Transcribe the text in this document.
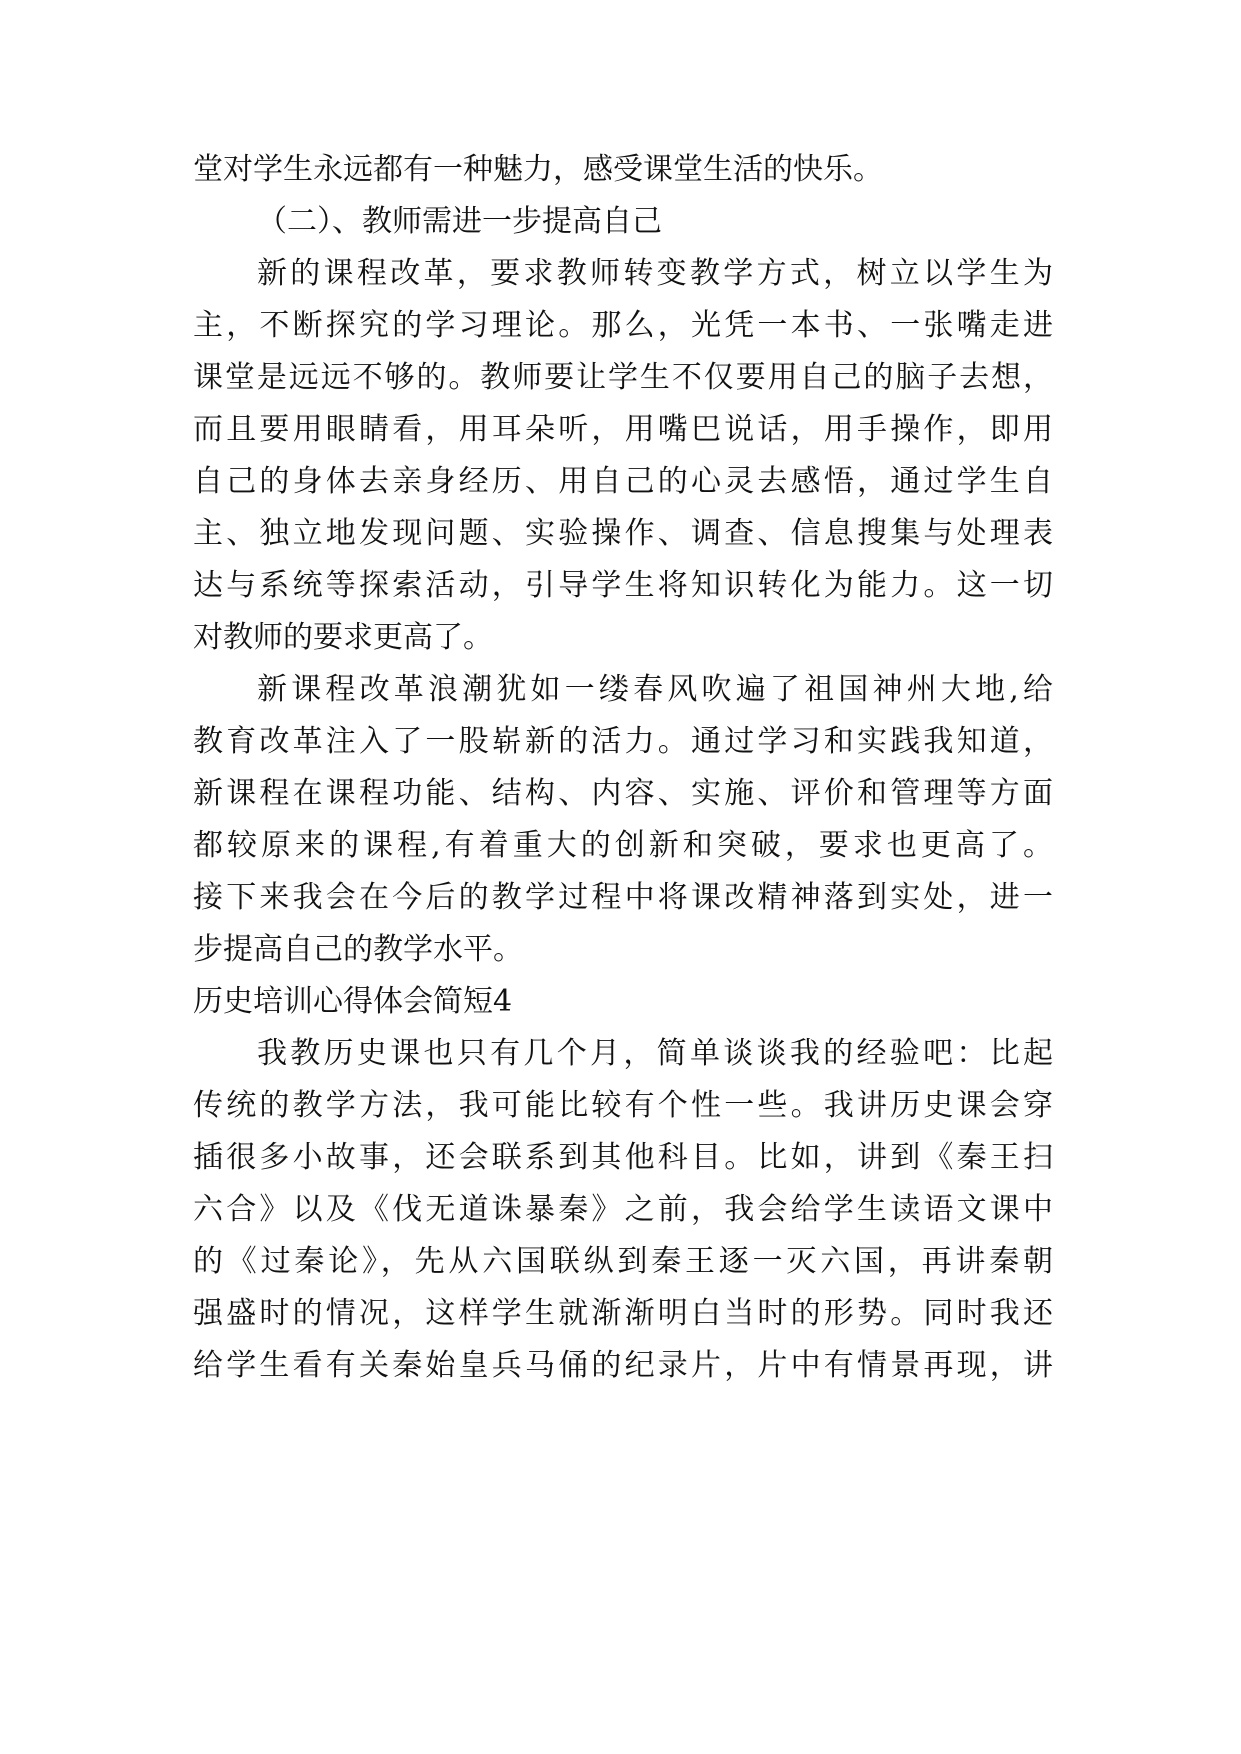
堂对学生永远都有一种魅力，感受课堂生活的快乐。
（二）、教师需进一步提高自己
新的课程改革，要求教师转变教学方式，树立以学生为
主，不断探究的学习理论。那么，光凭一本书、一张嘴走进
课堂是远远不够的。教师要让学生不仅要用自己的脑子去想，
而且要用眼睛看，用耳朵听，用嘴巴说话，用手操作，即用
自己的身体去亲身经历、用自己的心灵去感悟，通过学生自
主、独立地发现问题、实验操作、调查、信息搜集与处理表
达与系统等探索活动，引导学生将知识转化为能力。这一切
对教师的要求更高了。
新课程改革浪潮犹如一缕春风吹遍了祖国神州大地,给
教育改革注入了一股崭新的活力。通过学习和实践我知道，
新课程在课程功能、结构、内容、实施、评价和管理等方面
都较原来的课程,有着重大的创新和突破，要求也更高了。
接下来我会在今后的教学过程中将课改精神落到实处，进一
步提高自己的教学水平。
历史培训心得体会简短4
我教历史课也只有几个月，简单谈谈我的经验吧：比起
传统的教学方法，我可能比较有个性一些。我讲历史课会穿
插很多小故事，还会联系到其他科目。比如，讲到《秦王扫
六合》以及《伐无道诛暴秦》之前，我会给学生读语文课中
的《过秦论》，先从六国联纵到秦王逐一灭六国，再讲秦朝
强盛时的情况，这样学生就渐渐明白当时的形势。同时我还
给学生看有关秦始皇兵马俑的纪录片，片中有情景再现，讲
